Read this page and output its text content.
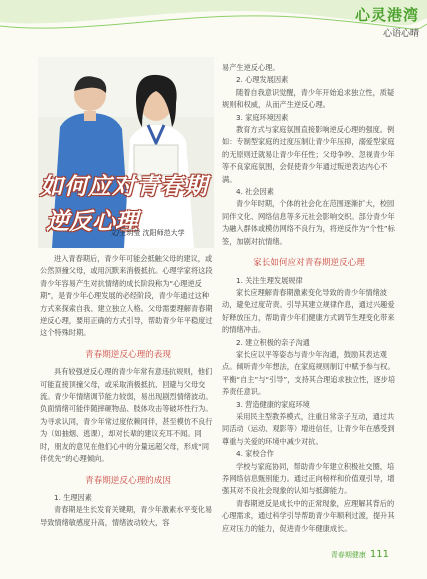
心灵港湾
心语心晴
如何应对青春期
逆反心理
文/王玥莹 沈阳师范大学

进入青春期后，青少年可能会抵触父母的建议，或公然顶撞父母，或用沉默来消极抵抗。心理学家将这段青少年容易产生对抗情绪的成长阶段称为“心理逆反期”，是青少年心理发展的必经阶段，青少年通过这种方式来探索自我、建立独立人格。父母需要理解青春期逆反心理，要用正确的方式引导，帮助青少年平稳度过这个特殊时期。

青春期逆反心理的表现

具有较强逆反心理的青少年常有意违抗规则，他们可能直接顶撞父母，或采取消极抵抗、回避与父母交流。青少年情绪调节能力较弱，易出现剧烈情绪波动。负面情绪可能伴随摔砸物品、肢体攻击等破坏性行为。为寻求认同，青少年常过度依赖同伴，甚至模仿不良行为（如抽烟、逃课），却对长辈的建议充耳不闻。同时，朋友的意见在他们心中的分量远超父母，形成“同伴优先”的心理倾向。

青春期逆反心理的成因

1. 生理因素

青春期是生长发育关键期，青少年激素水平变化易导致情绪敏感度升高，情绪波动较大，容

易产生逆反心理。

2. 心理发展因素

随着自我意识觉醒，青少年开始追求独立性，质疑规则和权威，从而产生逆反心理。

3. 家庭环境因素

教育方式与家庭氛围直接影响逆反心理的强度。例如：专制型家庭的过度压制让青少年压抑，溺爱型家庭的无原则迁就易让青少年任性；父母争吵、忽视青少年等不良家庭氛围，会促使青少年通过叛逆表达内心不满。

4. 社会因素

青少年时期，个体的社会化在范围逐渐扩大，校园同伴文化、网络信息等多元社会影响交织。部分青少年为融入群体或模仿网络不良行为，将逆反作为“个性”标签，加剧对抗情绪。

家长如何应对青春期逆反心理

1. 关注生理发展规律

家长应理解青春期激素变化导致的青少年情绪波动，避免过度苛责。引导其建立规律作息，通过兴趣爱好释放压力，帮助青少年们健康方式调节生理变化带来的情绪冲击。

2. 建立积极的亲子沟通

家长应以平等姿态与青少年沟通，鼓励其表达观点。倾听青少年想法，在家庭规则制订中赋予参与权。平衡“自主”与“引导”，支持其合理追求独立性，逐步培养责任意识。

3. 营造健康的家庭环境

采用民主型教养模式，注重日常亲子互动，通过共同活动（运动、观影等）增进信任，让青少年在感受到尊重与关爱的环境中减少对抗。

4. 家校合作

学校与家庭协同，帮助青少年建立积极社交圈，培养网络信息甄别能力。通过正向榜样和价值观引导，增强其对不良社会现象的认知与抵御能力。

青春期逆反是成长中的正常现象，应理解其背后的心理需求，通过科学引导帮助青少年顺利过渡，提升其应对压力的能力，促进青少年健康成长。

青春期健康 111
